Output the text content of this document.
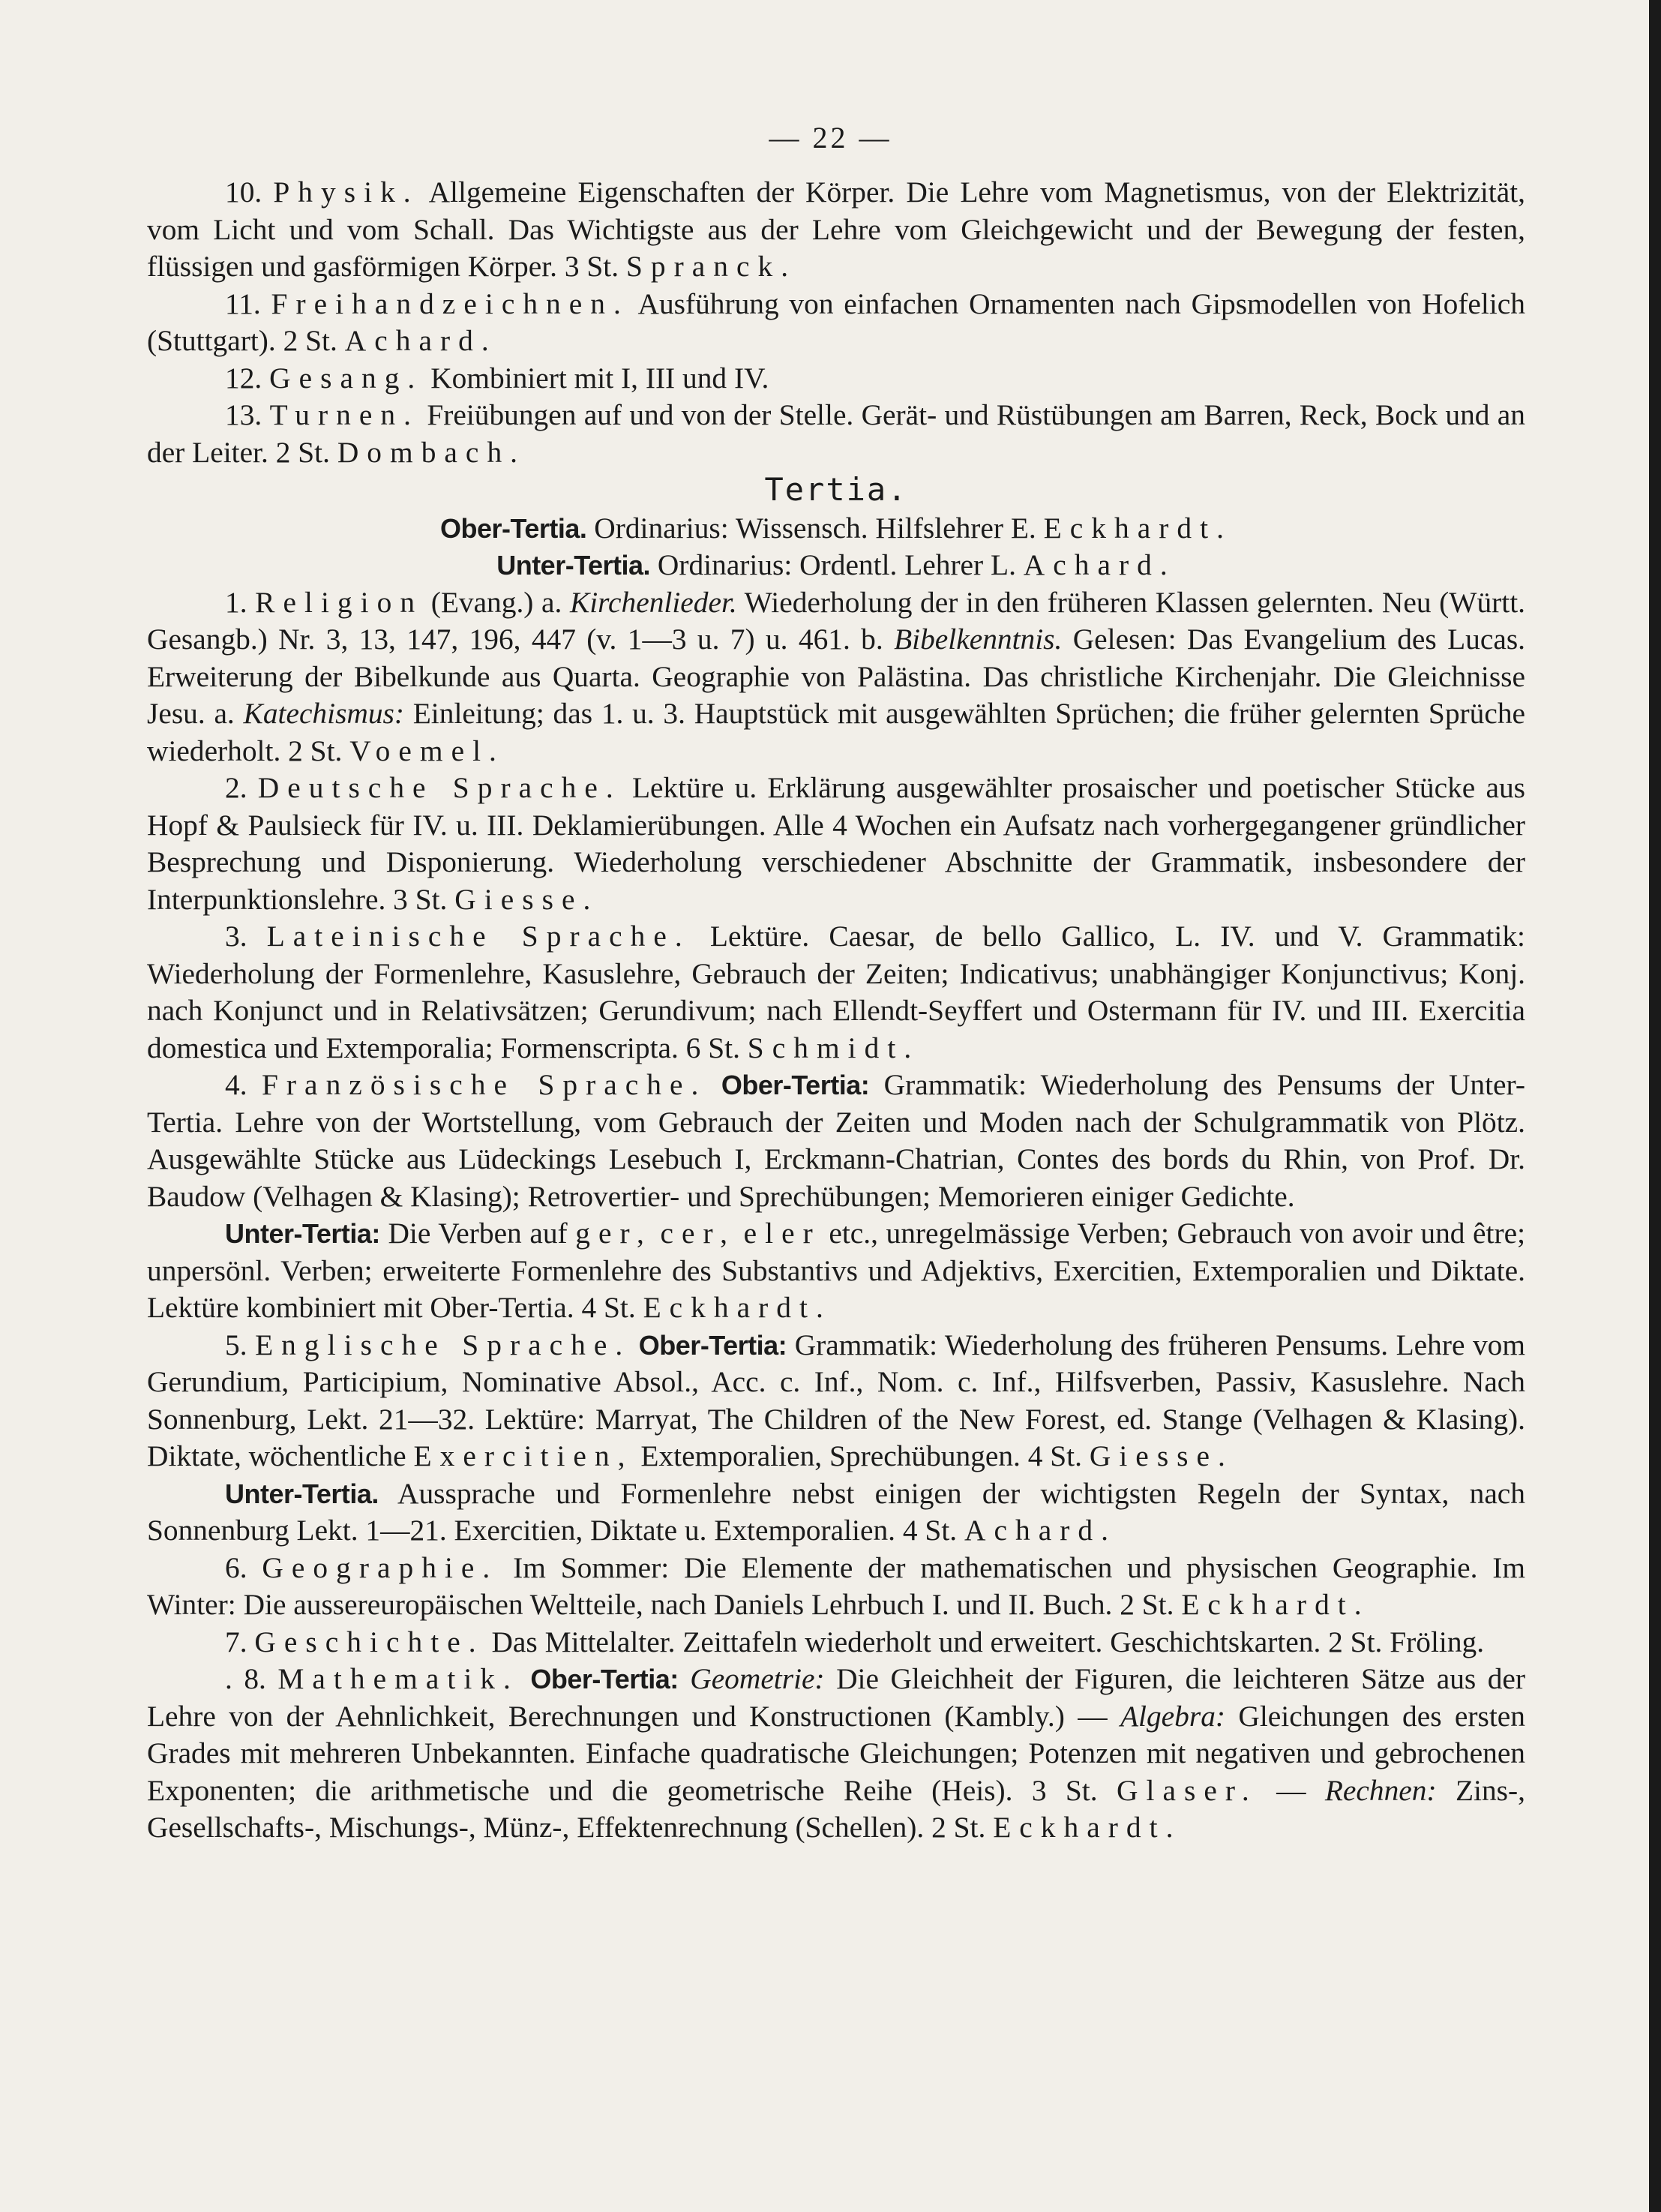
— 22 —

10. Physik. Allgemeine Eigenschaften der Körper. Die Lehre vom Magnetismus, von der Elektrizität, vom Licht und vom Schall. Das Wichtigste aus der Lehre vom Gleichgewicht und der Bewegung der festen, flüssigen und gasförmigen Körper. 3 St. Spranck.

11. Freihandzeichnen. Ausführung von einfachen Ornamenten nach Gipsmodellen von Hofelich (Stuttgart). 2 St. Achard.

12. Gesang. Kombiniert mit I, III und IV.

13. Turnen. Freiübungen auf und von der Stelle. Gerät- und Rüstübungen am Barren, Reck, Bock und an der Leiter. 2 St. Dombach.

Tertia.

Ober-Tertia. Ordinarius: Wissensch. Hilfslehrer E. Eckhardt.

Unter-Tertia. Ordinarius: Ordentl. Lehrer L. Achard.

1. Religion (Evang.) a. Kirchenlieder. Wiederholung der in den früheren Klassen gelernten. Neu (Württ. Gesangb.) Nr. 3, 13, 147, 196, 447 (v. 1—3 u. 7) u. 461. b. Bibelkenntnis. Gelesen: Das Evangelium des Lucas. Erweiterung der Bibelkunde aus Quarta. Geographie von Palästina. Das christliche Kirchenjahr. Die Gleichnisse Jesu. a. Katechismus: Einleitung; das 1. u. 3. Hauptstück mit ausgewählten Sprüchen; die früher gelernten Sprüche wiederholt. 2 St. Voemel.

2. Deutsche Sprache. Lektüre u. Erklärung ausgewählter prosaischer und poetischer Stücke aus Hopf & Paulsieck für IV. u. III. Deklamierübungen. Alle 4 Wochen ein Aufsatz nach vorhergegangener gründlicher Besprechung und Disponierung. Wiederholung verschiedener Abschnitte der Grammatik, insbesondere der Interpunktionslehre. 3 St. Giesse.

3. Lateinische Sprache. Lektüre. Caesar, de bello Gallico, L. IV. und V. Grammatik: Wiederholung der Formenlehre, Kasuslehre, Gebrauch der Zeiten; Indicativus; unabhängiger Konjunctivus; Konj. nach Konjunct und in Relativsätzen; Gerundivum; nach Ellendt-Seyffert und Ostermann für IV. und III. Exercitia domestica und Extemporalia; Formenscripta. 6 St. Schmidt.

4. Französische Sprache. Ober-Tertia: Grammatik: Wiederholung des Pensums der Unter-Tertia. Lehre von der Wortstellung, vom Gebrauch der Zeiten und Moden nach der Schulgrammatik von Plötz. Ausgewählte Stücke aus Lüdeckings Lesebuch I, Erckmann-Chatrian, Contes des bords du Rhin, von Prof. Dr. Baudow (Velhagen & Klasing); Retrovertier- und Sprechübungen; Memorieren einiger Gedichte.

Unter-Tertia: Die Verben auf ger, cer, eler etc., unregelmässige Verben; Gebrauch von avoir und être; unpersönl. Verben; erweiterte Formenlehre des Substantivs und Adjektivs, Exercitien, Extemporalien und Diktate. Lektüre kombiniert mit Ober-Tertia. 4 St. Eckhardt.

5. Englische Sprache. Ober-Tertia: Grammatik: Wiederholung des früheren Pensums. Lehre vom Gerundium, Participium, Nominative Absol., Acc. c. Inf., Nom. c. Inf., Hilfsverben, Passiv, Kasuslehre. Nach Sonnenburg, Lekt. 21—32. Lektüre: Marryat, The Children of the New Forest, ed. Stange (Velhagen & Klasing). Diktate, wöchentliche Exercitien, Extemporalien, Sprechübungen. 4 St. Giesse.

Unter-Tertia. Aussprache und Formenlehre nebst einigen der wichtigsten Regeln der Syntax, nach Sonnenburg Lekt. 1—21. Exercitien, Diktate u. Extemporalien. 4 St. Achard.

6. Geographie. Im Sommer: Die Elemente der mathematischen und physischen Geographie. Im Winter: Die aussereuropäischen Weltteile, nach Daniels Lehrbuch I. und II. Buch. 2 St. Eckhardt.

7. Geschichte. Das Mittelalter. Zeittafeln wiederholt und erweitert. Geschichtskarten. 2 St. Fröling.

. 8. Mathematik. Ober-Tertia: Geometrie: Die Gleichheit der Figuren, die leichteren Sätze aus der Lehre von der Aehnlichkeit, Berechnungen und Konstructionen (Kambly.) — Algebra: Gleichungen des ersten Grades mit mehreren Unbekannten. Einfache quadratische Gleichungen; Potenzen mit negativen und gebrochenen Exponenten; die arithmetische und die geometrische Reihe (Heis). 3 St. Glaser. — Rechnen: Zins-, Gesellschafts-, Mischungs-, Münz-, Effektenrechnung (Schellen). 2 St. Eckhardt.
